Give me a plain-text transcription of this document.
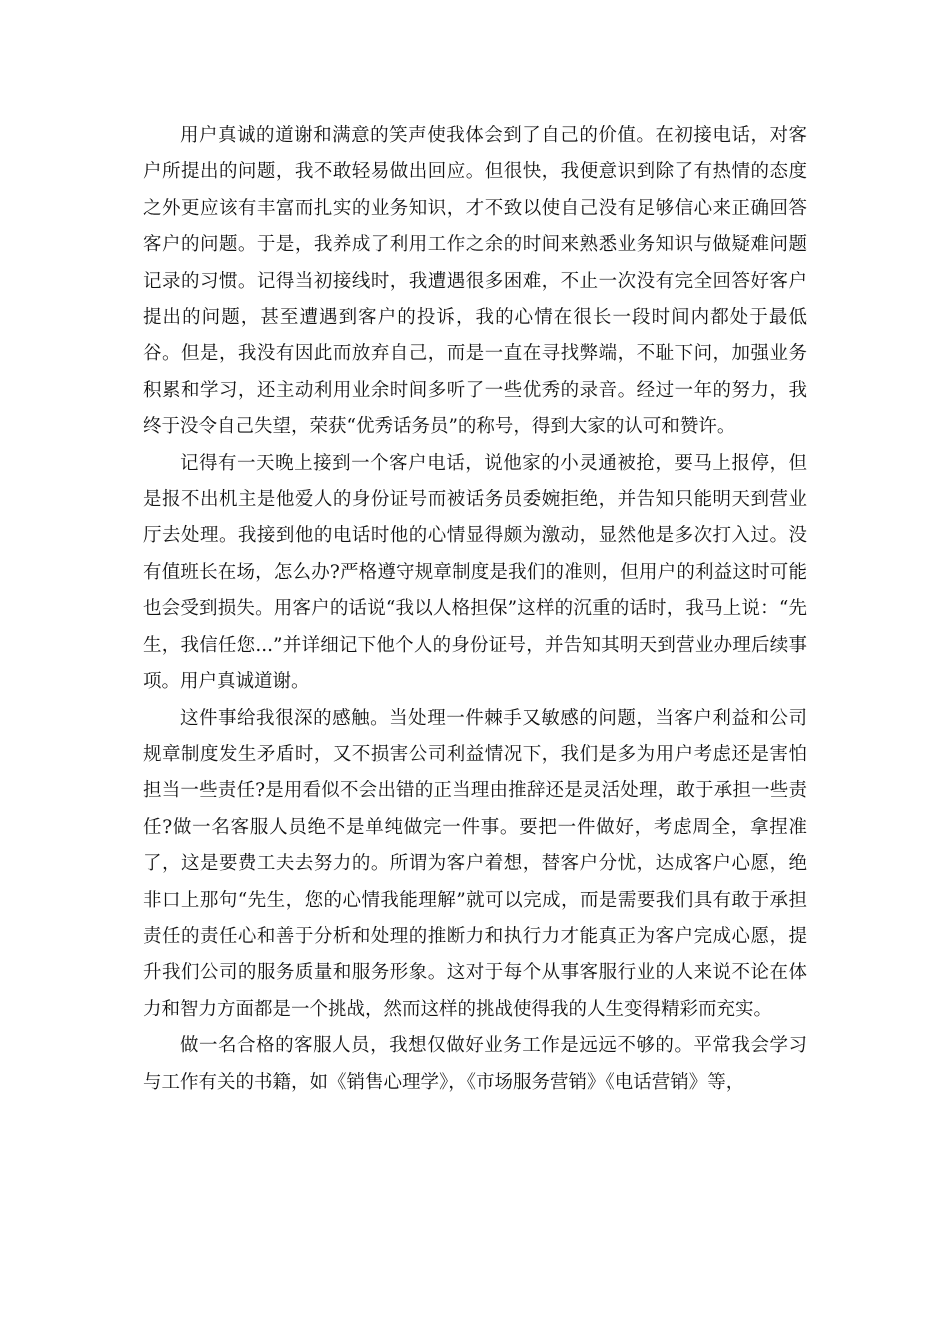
用户真诚的道谢和满意的笑声使我体会到了自己的价值。在初接电话，对客户所提出的问题，我不敢轻易做出回应。但很快，我便意识到除了有热情的态度之外更应该有丰富而扎实的业务知识，才不致以使自己没有足够信心来正确回答客户的问题。于是，我养成了利用工作之余的时间来熟悉业务知识与做疑难问题记录的习惯。记得当初接线时，我遭遇很多困难，不止一次没有完全回答好客户提出的问题，甚至遭遇到客户的投诉，我的心情在很长一段时间内都处于最低谷。但是，我没有因此而放弃自己，而是一直在寻找弊端，不耻下问，加强业务积累和学习，还主动利用业余时间多听了一些优秀的录音。经过一年的努力，我终于没令自己失望，荣获“优秀话务员”的称号，得到大家的认可和赞许。

记得有一天晚上接到一个客户电话，说他家的小灵通被抢，要马上报停，但是报不出机主是他爱人的身份证号而被话务员委婉拒绝，并告知只能明天到营业厅去处理。我接到他的电话时他的心情显得颇为激动，显然他是多次打入过。没有值班长在场，怎么办?严格遵守规章制度是我们的准则，但用户的利益这时可能也会受到损失。用客户的话说“我以人格担保”这样的沉重的话时，我马上说：“先生，我信任您...”并详细记下他个人的身份证号，并告知其明天到营业办理后续事项。用户真诚道谢。

这件事给我很深的感触。当处理一件棘手又敏感的问题，当客户利益和公司规章制度发生矛盾时，又不损害公司利益情况下，我们是多为用户考虑还是害怕担当一些责任?是用看似不会出错的正当理由推辞还是灵活处理，敢于承担一些责任?做一名客服人员绝不是单纯做完一件事。要把一件做好，考虑周全，拿捏准了，这是要费工夫去努力的。所谓为客户着想，替客户分忧，达成客户心愿，绝非口上那句“先生，您的心情我能理解”就可以完成，而是需要我们具有敢于承担责任的责任心和善于分析和处理的推断力和执行力才能真正为客户完成心愿，提升我们公司的服务质量和服务形象。这对于每个从事客服行业的人来说不论在体力和智力方面都是一个挑战，然而这样的挑战使得我的人生变得精彩而充实。

做一名合格的客服人员，我想仅做好业务工作是远远不够的。平常我会学习与工作有关的书籍，如《销售心理学》，《市场服务营销》《电话营销》等，
